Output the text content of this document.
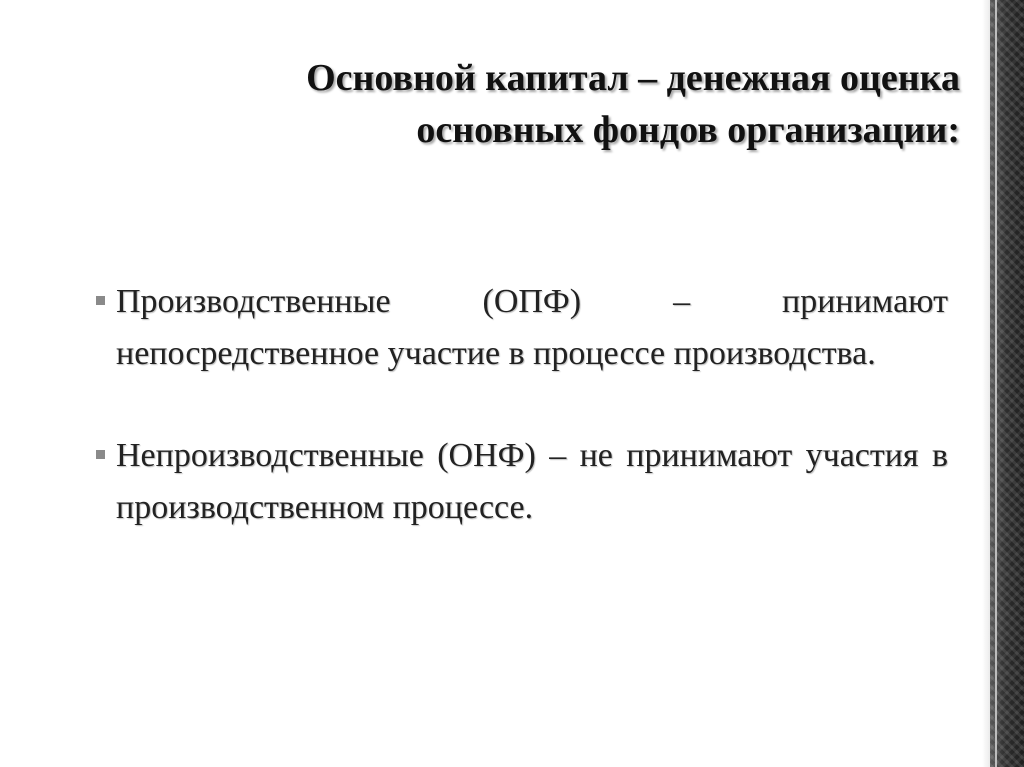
Основной капитал – денежная оценка
основных фондов организации:
Производственные (ОПФ) – принимают непосредственное участие в процессе производства.
Непроизводственные (ОНФ) – не принимают участия в производственном процессе.
